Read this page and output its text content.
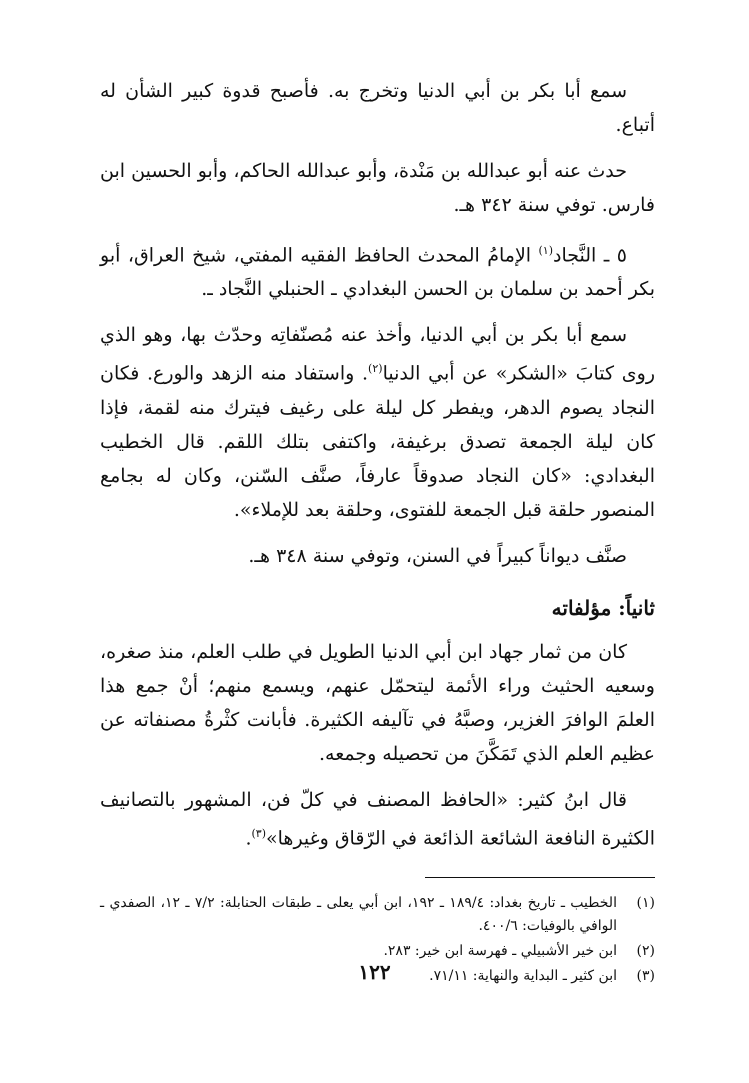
سمع أبا بكر بن أبي الدنيا وتخرج به. فأصبح قدوة كبير الشأن له أتباع.

حدث عنه أبو عبدالله بن مَنْدة، وأبو عبدالله الحاكم، وأبو الحسين ابن فارس. توفي سنة ٣٤٢ هـ.

٥ ـ النَّجاد$^{(١)}$ الإمامُ المحدث الحافظ الفقيه المفتي، شيخ العراق، أبو بكر أحمد بن سلمان بن الحسن البغدادي ـ الحنبلي النَّجاد ـ.

سمع أبا بكر بن أبي الدنيا، وأخذ عنه مُصنّفاتِه وحدّث بها، وهو الذي روى كتابَ «الشكر» عن أبي الدنيا$^{(٢)}$. واستفاد منه الزهد والورع. فكان النجاد يصوم الدهر، ويفطر كل ليلة على رغيف فيترك منه لقمة، فإذا كان ليلة الجمعة تصدق برغيفة، واكتفى بتلك اللقم. قال الخطيب البغدادي: «كان النجاد صدوقاً عارفاً، صنَّف السّنن، وكان له بجامع المنصور حلقة قبل الجمعة للفتوى، وحلقة بعد للإملاء».

صنَّف ديواناً كبيراً في السنن، وتوفي سنة ٣٤٨ هـ.

ثانياً: مؤلفاته

كان من ثمار جهاد ابن أبي الدنيا الطويل في طلب العلم، منذ صغره، وسعيه الحثيث وراء الأئمة ليتحمّل عنهم، ويسمع منهم؛ أنْ جمع هذا العلمَ الوافرَ الغزير، وصبَّهُ في تآليفه الكثيرة. فأبانت كثْرةُ مصنفاته عن عظيم العلم الذي تَمَكَّنَ من تحصيله وجمعه.

قال ابنُ كثير: «الحافظ المصنف في كلّ فن، المشهور بالتصانيف الكثيرة النافعة الشائعة الذائعة في الرّقاق وغيرها»$^{(٣)}$.

(١)
الخطيب ـ تاريخ بغداد: ١٨٩/٤ ـ ١٩٢، ابن أبي يعلى ـ طبقات الحنابلة: ٧/٢ ـ ١٢، الصفدي ـ الوافي بالوفيات: ٤٠٠/٦.
(٢)
ابن خير الأشبيلي ـ فهرسة ابن خير: ٢٨٣.
(٣)
ابن كثير ـ البداية والنهاية: ٧١/١١.
١٢٢
